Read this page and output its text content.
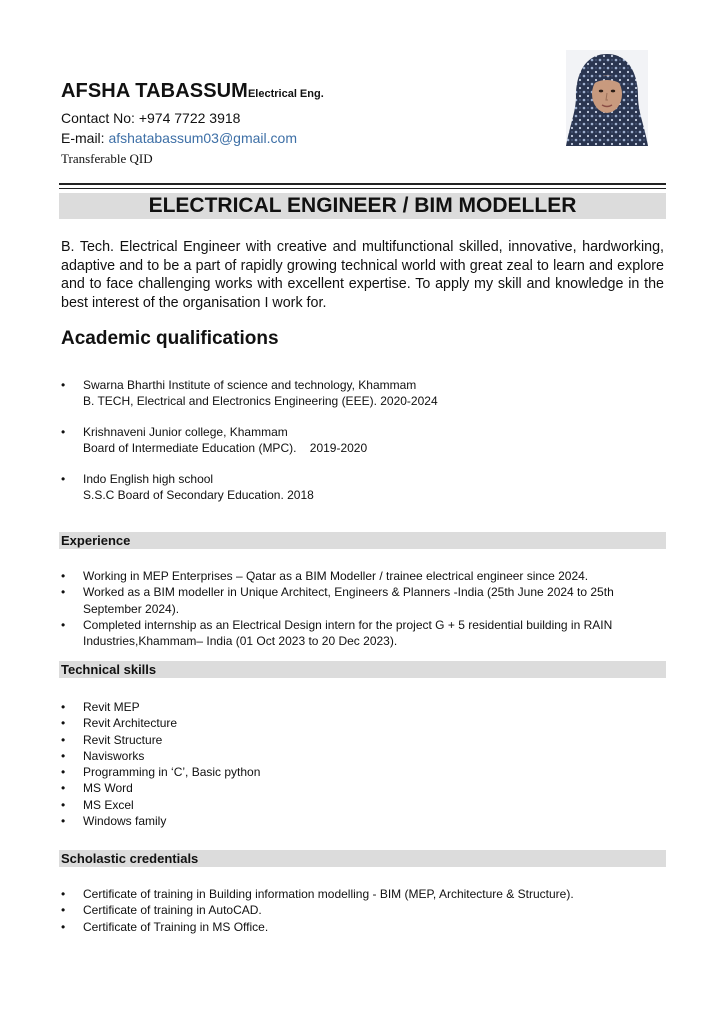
AFSHA TABASSUMElectrical Eng.
Contact No: +974 7722 3918
E-mail: afshatabassum03@gmail.com
Transferable QID
ELECTRICAL ENGINEER / BIM MODELLER
B. Tech. Electrical Engineer with creative and multifunctional skilled, innovative, hardworking, adaptive and to be a part of rapidly growing technical world with great zeal to learn and explore and to face challenging works with excellent expertise. To apply my skill and knowledge in the best interest of the organisation I work for.
Academic qualifications
• Swarna Bharthi Institute of science and technology, Khammam
B. TECH, Electrical and Electronics Engineering (EEE). 2020-2024
• Krishnaveni Junior college, Khammam
Board of Intermediate Education (MPC).    2019-2020
• Indo English high school
S.S.C Board of Secondary Education. 2018
Experience
• Working in MEP Enterprises – Qatar as a BIM Modeller / trainee electrical engineer since 2024.
• Worked as a BIM modeller in Unique Architect, Engineers & Planners -India (25th June 2024 to 25th September 2024).
• Completed internship as an Electrical Design intern for the project G + 5 residential building in RAIN Industries,Khammam– India (01 Oct 2023 to 20 Dec 2023).
Technical skills
• Revit MEP
• Revit Architecture
• Revit Structure
• Navisworks
• Programming in ‘C’, Basic python
• MS Word
• MS Excel
• Windows family
Scholastic credentials
• Certificate of training in Building information modelling - BIM (MEP, Architecture & Structure).
• Certificate of training in AutoCAD.
• Certificate of Training in MS Office.
